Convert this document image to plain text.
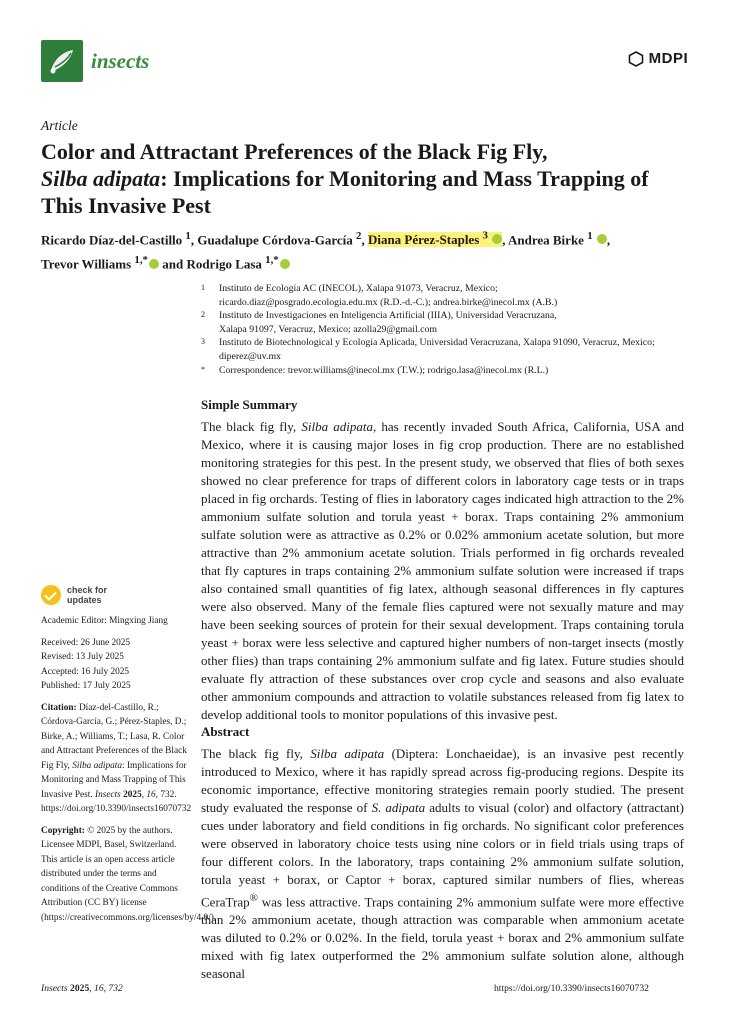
insects	MDPI
Article
Color and Attractant Preferences of the Black Fig Fly,
Silba adipata: Implications for Monitoring and Mass Trapping of
This Invasive Pest
Ricardo Díaz-del-Castillo $^1$, Guadalupe Córdova-García $^2$, Diana Pérez-Staples $^3$ , Andrea Birke $^1$ ,
Trevor Williams $^{1,*}$ and Rodrigo Lasa $^{1,*}$
1	Instituto de Ecología AC (INECOL), Xalapa 91073, Veracruz, Mexico;
ricardo.diaz@posgrado.ecologia.edu.mx (R.D.-d.-C.); andrea.birke@inecol.mx (A.B.)
2	Instituto de Investigaciones en Inteligencia Artificial (IIIA), Universidad Veracruzana,
Xalapa 91097, Veracruz, Mexico; azolla29@gmail.com
3	Instituto de Biotechnological y Ecología Aplicada, Universidad Veracruzana, Xalapa 91090, Veracruz, Mexico;
diperez@uv.mx
*	Correspondence: trevor.williams@inecol.mx (T.W.); rodrigo.lasa@inecol.mx (R.L.)
Simple Summary

The black fig fly, Silba adipata, has recently invaded South Africa, California, USA and Mexico, where it is causing major loses in fig crop production. There are no established monitoring strategies for this pest. In the present study, we observed that flies of both sexes showed no clear preference for traps of different colors in laboratory cage tests or in traps placed in fig orchards. Testing of flies in laboratory cages indicated high attraction to the 2% ammonium sulfate solution and torula yeast + borax. Traps containing 2% ammonium sulfate solution were as attractive as 0.2% or 0.02% ammonium acetate solution, but more attractive than 2% ammonium acetate solution. Trials performed in fig orchards revealed that fly captures in traps containing 2% ammonium sulfate solution were increased if traps also contained small quantities of fig latex, although seasonal differences in fly captures were also observed. Many of the female flies captured were not sexually mature and may have been seeking sources of protein for their sexual development. Traps containing torula yeast + borax were less selective and captured higher numbers of non-target insects (mostly other flies) than traps containing 2% ammonium sulfate and fig latex. Future studies should evaluate fly attraction of these substances over crop cycle and seasons and also evaluate other ammonium compounds and attraction to volatile substances released from fig latex to develop additional tools to monitor populations of this invasive pest.

Abstract

The black fig fly, Silba adipata (Diptera: Lonchaeidae), is an invasive pest recently introduced to Mexico, where it has rapidly spread across fig-producing regions. Despite its economic importance, effective monitoring strategies remain poorly studied. The present study evaluated the response of S. adipata adults to visual (color) and olfactory (attractant) cues under laboratory and field conditions in fig orchards. No significant color preferences were observed in laboratory choice tests using nine colors or in field trials using traps of four different colors. In the laboratory, traps containing 2% ammonium sulfate solution, torula yeast + borax, or Captor + borax, captured similar numbers of flies, whereas CeraTrap® was less attractive. Traps containing 2% ammonium sulfate were more effective than 2% ammonium acetate, though attraction was comparable when ammonium acetate was diluted to 0.2% or 0.02%. In the field, torula yeast + borax and 2% ammonium sulfate mixed with fig latex outperformed the 2% ammonium sulfate solution alone, although seasonal

check for
updates
Academic Editor: Mingxing Jiang
Received: 26 June 2025
Revised: 13 July 2025
Accepted: 16 July 2025
Published: 17 July 2025
Citation: Díaz-del-Castillo, R.; Córdova-García, G.; Pérez-Staples, D.; Birke, A.; Williams, T.; Lasa, R. Color and Attractant Preferences of the Black Fig Fly, Silba adipata: Implications for Monitoring and Mass Trapping of This Invasive Pest. Insects 2025, 16, 732. https://doi.org/10.3390/insects16070732
Copyright: © 2025 by the authors. Licensee MDPI, Basel, Switzerland. This article is an open access article distributed under the terms and conditions of the Creative Commons Attribution (CC BY) license (https://creativecommons.org/licenses/by/4.0/).
Insects 2025, 16, 732	https://doi.org/10.3390/insects16070732
